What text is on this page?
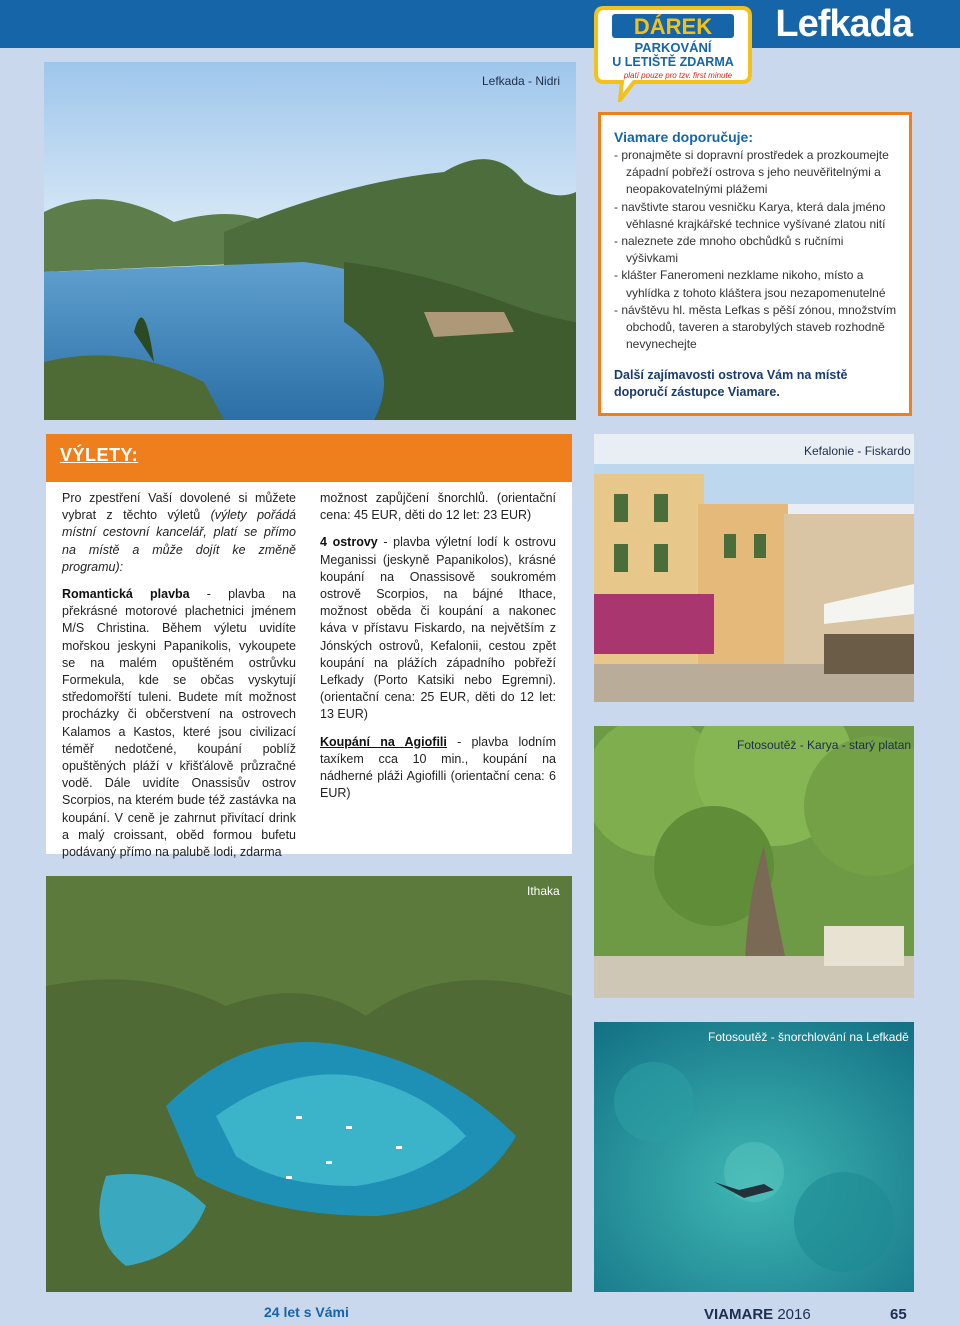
Lefkada
DÁREK
PARKOVÁNÍ
U LETIŠTĚ ZDARMA
platí pouze pro tzv. first minute
Lefkada - Nidri
Viamare doporučuje:
- pronajměte si dopravní prostředek a prozkoumejte západní pobřeží ostrova s jeho neuvěřitelnými a neopakovatelnými plážemi
- navštivte starou vesničku Karya, která dala jméno věhlasné krajkářské technice vyšívané zlatou nití
- naleznete zde mnoho obchůdků s ručními výšivkami
- klášter Faneromeni nezklame nikoho, místo a vyhlídka z tohoto kláštera jsou nezapomenutelné
- návštěvu hl. města Lefkas s pěší zónou, množstvím obchodů, taveren a starobylých staveb rozhodně nevynechejte
Další zajímavosti ostrova Vám na místě doporučí zástupce Viamare.
Kefalonie - Fiskardo
VÝLETY:

Pro zpestření Vaší dovolené si můžete vybrat z těchto výletů (výlety pořádá místní cestovní kancelář, platí se přímo na místě a může dojít ke změně programu):

Romantická plavba - plavba na překrásné motorové plachetnici jménem M/S Christina. Během výletu uvidíte mořskou jeskyni Papanikolis, vykoupete se na malém opuštěném ostrůvku Formekula, kde se občas vyskytují středomořští tuleni. Budete mít možnost procházky či občerstvení na ostrovech Kalamos a Kastos, které jsou civilizací téměř nedotčené, koupání poblíž opuštěných pláží v křišťálově průzračné vodě. Dále uvidíte Onassisův ostrov Scorpios, na kterém bude též zastávka na koupání. V ceně je zahrnut přivítací drink a malý croissant, oběd formou bufetu podávaný přímo na palubě lodi, zdarma

možnost zapůjčení šnorchlů. (orientační cena: 45 EUR, děti do 12 let: 23 EUR)

4 ostrovy - plavba výletní lodí k ostrovu Meganissi (jeskyně Papanikolos), krásné koupání na Onassisově soukromém ostrově Scorpios, na bájné Ithace, možnost oběda či koupání a nakonec káva v přístavu Fiskardo, na největším z Jónských ostrovů, Kefalonii, cestou zpět koupání na plážích západního pobřeží Lefkady (Porto Katsiki nebo Egremni). (orientační cena: 25 EUR, děti do 12 let: 13 EUR)

Koupání na Agiofili - plavba lodním taxíkem cca 10 min., koupání na nádherné pláži Agiofilli (orientační cena: 6 EUR)

Fotosoutěž - Karya - starý platan
Ithaka
Fotosoutěž - šnorchlování na Lefkadě
24 let s Vámi	VIAMARE 2016	65
